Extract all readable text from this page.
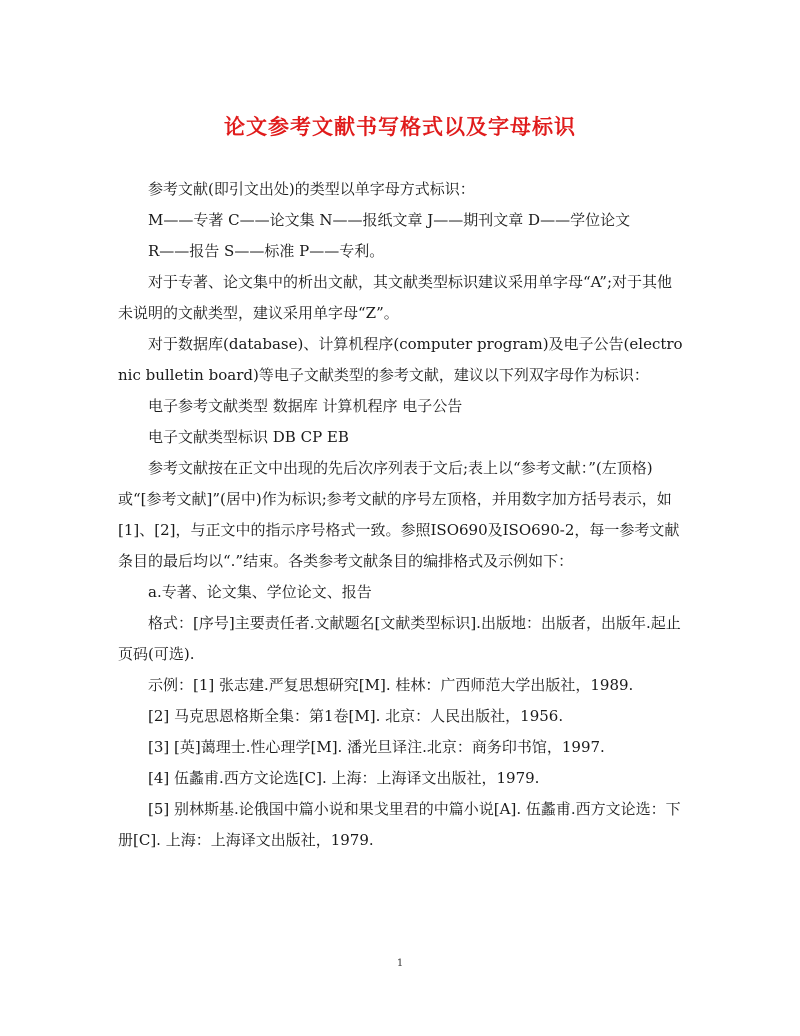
论文参考文献书写格式以及字母标识

参考文献(即引文出处)的类型以单字母方式标识：

M——专著 C——论文集 N——报纸文章 J——期刊文章 D——学位论文

R——报告 S——标准 P——专利。

对于专著、论文集中的析出文献，其文献类型标识建议采用单字母“A”;对于其他未说明的文献类型，建议采用单字母“Z”。

对于数据库(database)、计算机程序(computer program)及电子公告(electronic bulletin board)等电子文献类型的参考文献，建议以下列双字母作为标识：

电子参考文献类型 数据库 计算机程序 电子公告

电子文献类型标识 DB CP EB

参考文献按在正文中出现的先后次序列表于文后;表上以“参考文献：”(左顶格)或“[参考文献]”(居中)作为标识;参考文献的序号左顶格，并用数字加方括号表示，如[1]、[2]，与正文中的指示序号格式一致。参照ISO690及ISO690-2，每一参考文献条目的最后均以“.”结束。各类参考文献条目的编排格式及示例如下：

a.专著、论文集、学位论文、报告

格式：[序号]主要责任者.文献题名[文献类型标识].出版地：出版者，出版年.起止页码(可选).

示例：[1] 张志建.严复思想研究[M]. 桂林：广西师范大学出版社，1989.

[2] 马克思恩格斯全集：第1卷[M]. 北京：人民出版社，1956.

[3] [英]蔼理士.性心理学[M]. 潘光旦译注.北京：商务印书馆，1997.

[4] 伍蠡甫.西方文论选[C]. 上海：上海译文出版社，1979.

[5] 别林斯基.论俄国中篇小说和果戈里君的中篇小说[A]. 伍蠡甫.西方文论选：下册[C]. 上海：上海译文出版社，1979.

1
